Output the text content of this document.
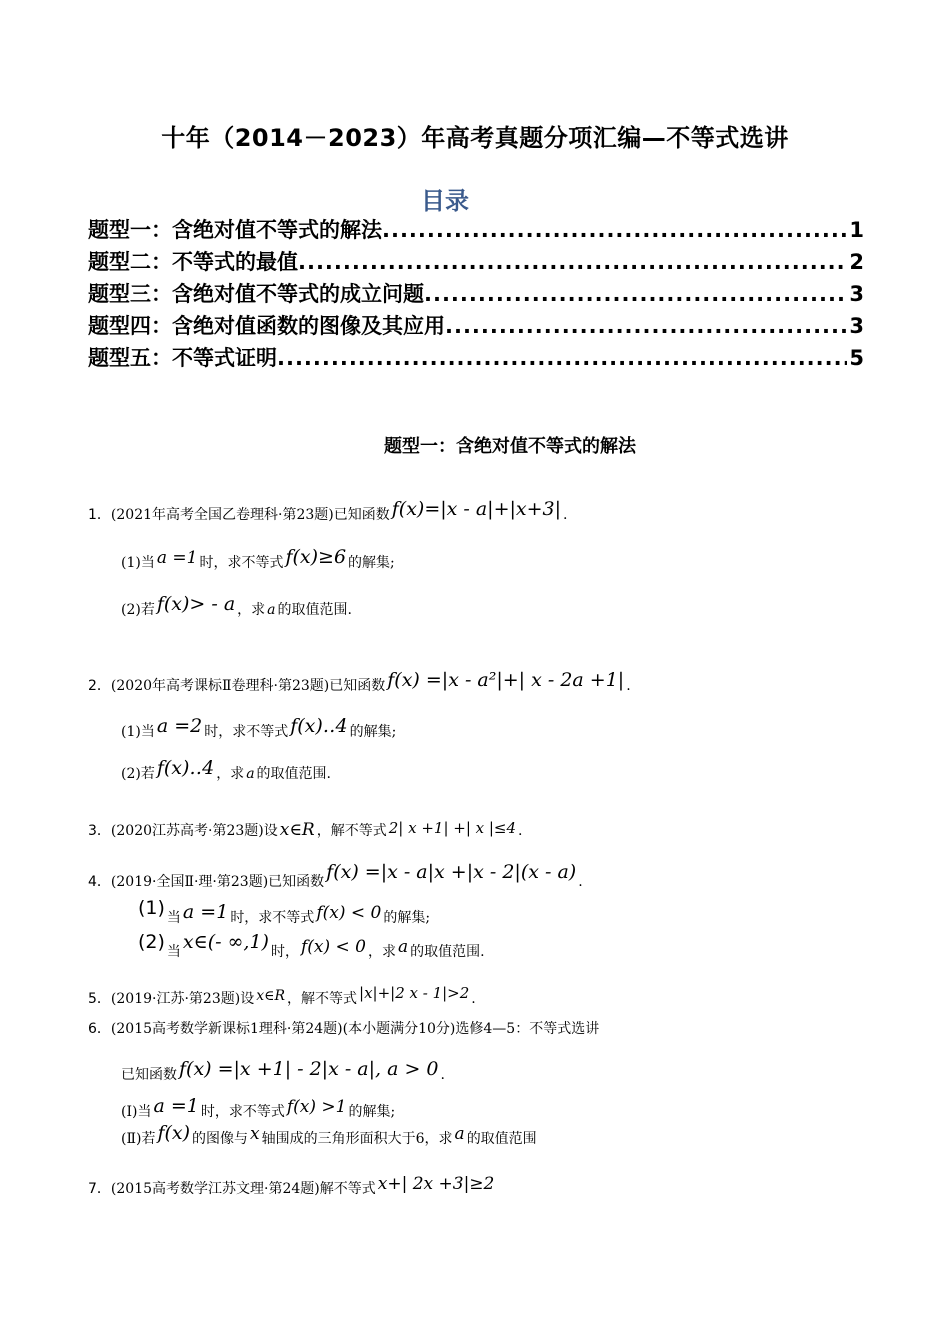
十年（2014－2023）年高考真题分项汇编—不等式选讲
目录
题型一：含绝对值不等式的解法 .....	1
题型二：不等式的最值 .....	2
题型三：含绝对值不等式的成立问题 .....	3
题型四：含绝对值函数的图像及其应用 .....	3
题型五：不等式证明 .....	5
题型一：含绝对值不等式的解法
1．(2021年高考全国乙卷理科·第23题)已知函数 f(x)=|x - a|+|x+3| .
(1)当 a =1 时，求不等式 f(x)≥6 的解集;
(2)若 f(x)> - a ，求 a 的取值范围.
2．(2020年高考课标Ⅱ卷理科·第23题)已知函数 f(x) =|x - a²|+| x - 2a +1| .
(1)当 a =2 时，求不等式 f(x)‥4 的解集;
(2)若 f(x)‥4 ，求 a 的取值范围.
3．(2020江苏高考·第23题)设 x∈R ，解不等式 2| x +1| +| x |≤4 .
4．(2019·全国Ⅱ·理·第23题)已知函数 f(x) =|x - a|x +|x - 2|(x - a) .
(1) 当 a =1 时，求不等式 f(x) < 0 的解集;
(2) 当 x∈(- ∞,1) 时， f(x) < 0 ，求 a 的取值范围.
5．(2019·江苏·第23题)设 x∈R ，解不等式 |x|+|2 x - 1|>2 .
6．(2015高考数学新课标1理科·第24题)(本小题满分10分)选修4—5：不等式选讲
已知函数 f(x) =|x +1| - 2|x - a|, a > 0 .
(Ⅰ)当 a =1 时，求不等式 f(x) >1 的解集;
(Ⅱ)若 f(x) 的图像与 x 轴围成的三角形面积大于6，求 a 的取值范围
7．(2015高考数学江苏文理·第24题)解不等式 x+| 2x +3|≥2
